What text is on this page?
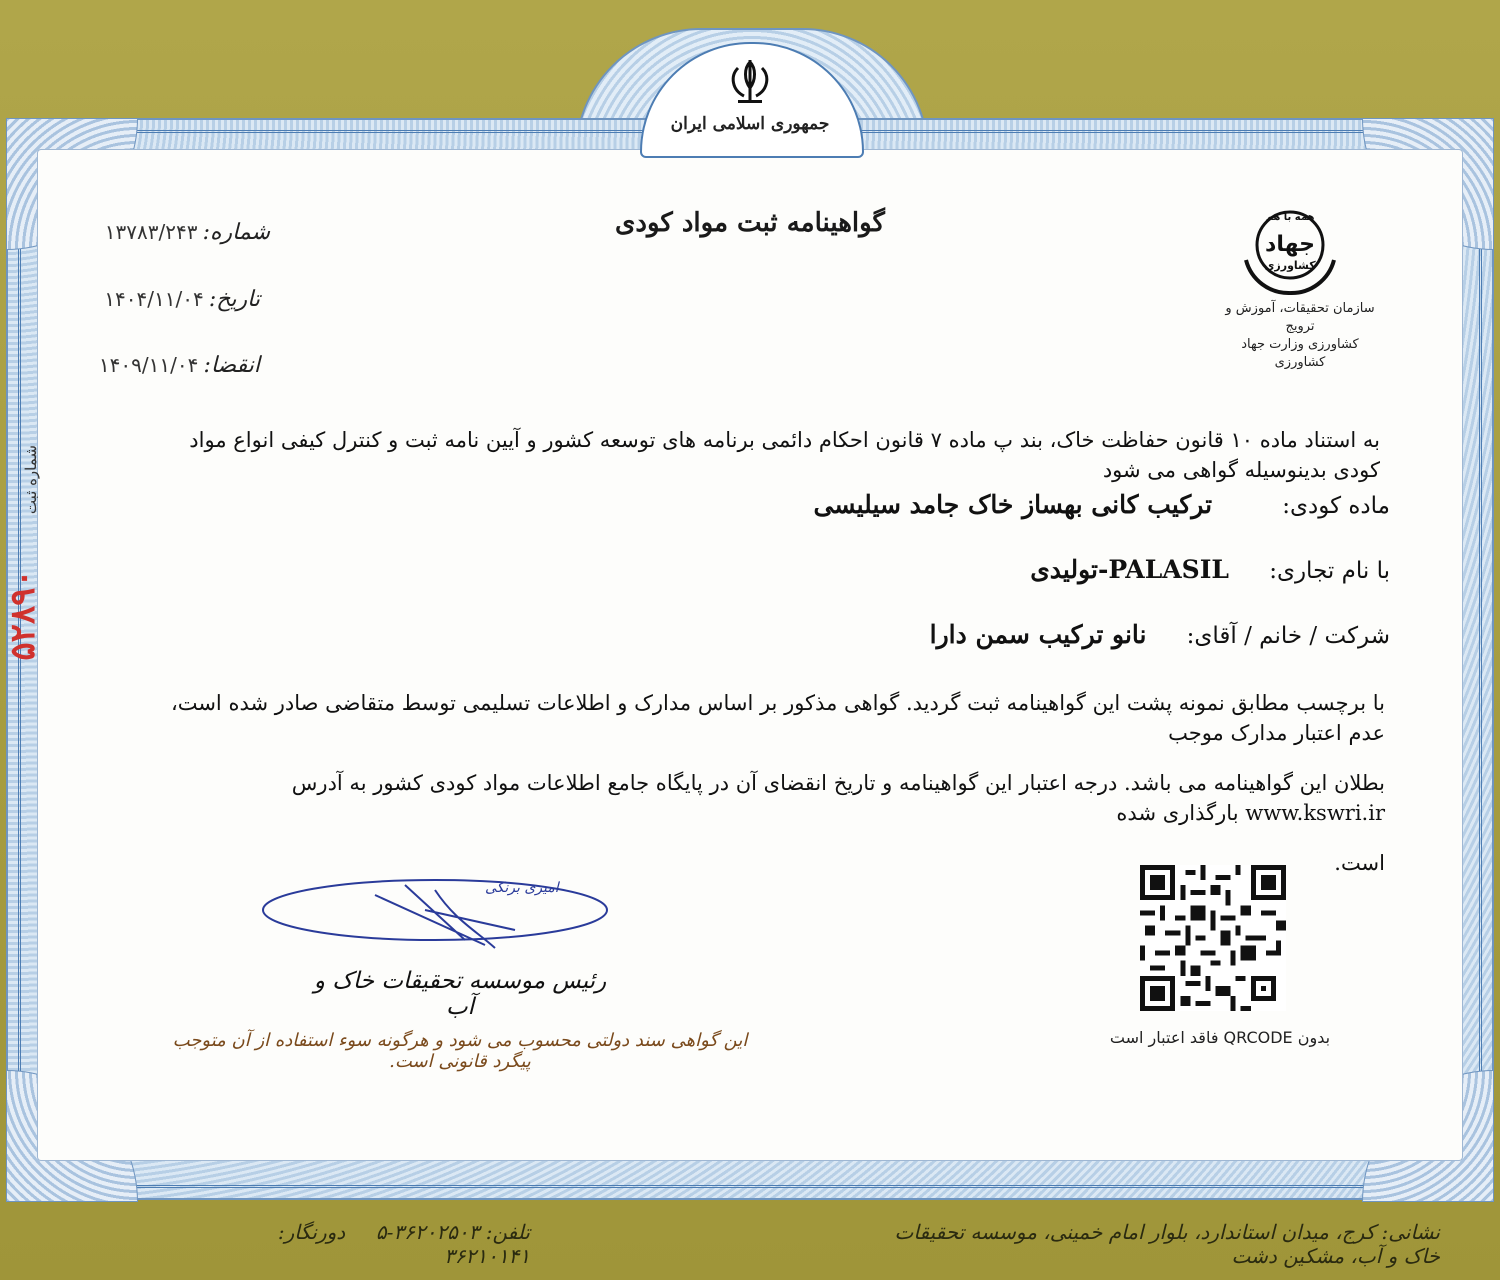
جمهوری اسلامی ایران
گواهینامه ثبت مواد کودی
شماره: ۱۳۷۸۳/۲۴۳
تاریخ: ۱۴۰۴/۱۱/۰۴
انقضا: ۱۴۰۹/۱۱/۰۴
همه با هم
جهاد
کشاورزی
سازمان تحقیقات، آموزش و ترویج
کشاورزی وزارت جهاد کشاورزی
شماره ثبت
۵۲۸۹۰
به استناد ماده ۱۰ قانون حفاظت خاک، بند پ ماده ۷ قانون احکام دائمی برنامه های توسعه کشور و آیین نامه ثبت و کنترل کیفی انواع مواد کودی بدینوسیله گواهی می شود
ماده کودی:  ترکیب کانی بهساز خاک جامد سیلیسی
با نام تجاری:  PALASIL-تولیدی
شرکت / خانم / آقای:  نانو ترکیب سمن دارا
با برچسب مطابق نمونه پشت این گواهینامه ثبت گردید. گواهی مذکور بر اساس مدارک و اطلاعات تسلیمی توسط متقاضی صادر شده است، عدم اعتبار مدارک موجب
بطلان این گواهینامه می باشد. درجه اعتبار این گواهینامه و تاریخ انقضای آن در پایگاه جامع اطلاعات مواد کودی کشور به آدرس www.kswri.ir بارگذاری شده
است.
امیری برنکی
رئیس موسسه تحقیقات خاک و آب
این گواهی سند دولتی محسوب می شود و هرگونه سوء استفاده از آن متوجب پیگرد قانونی است.
بدون QRCODE فاقد اعتبار است
نشانی: کرج، میدان استاندارد، بلوار امام خمینی، موسسه تحقیقات خاک و آب، مشکین دشت
تلفن: ۳۶۲۰۲۵۰۳-۵  دورنگار: ۳۶۲۱۰۱۴۱
